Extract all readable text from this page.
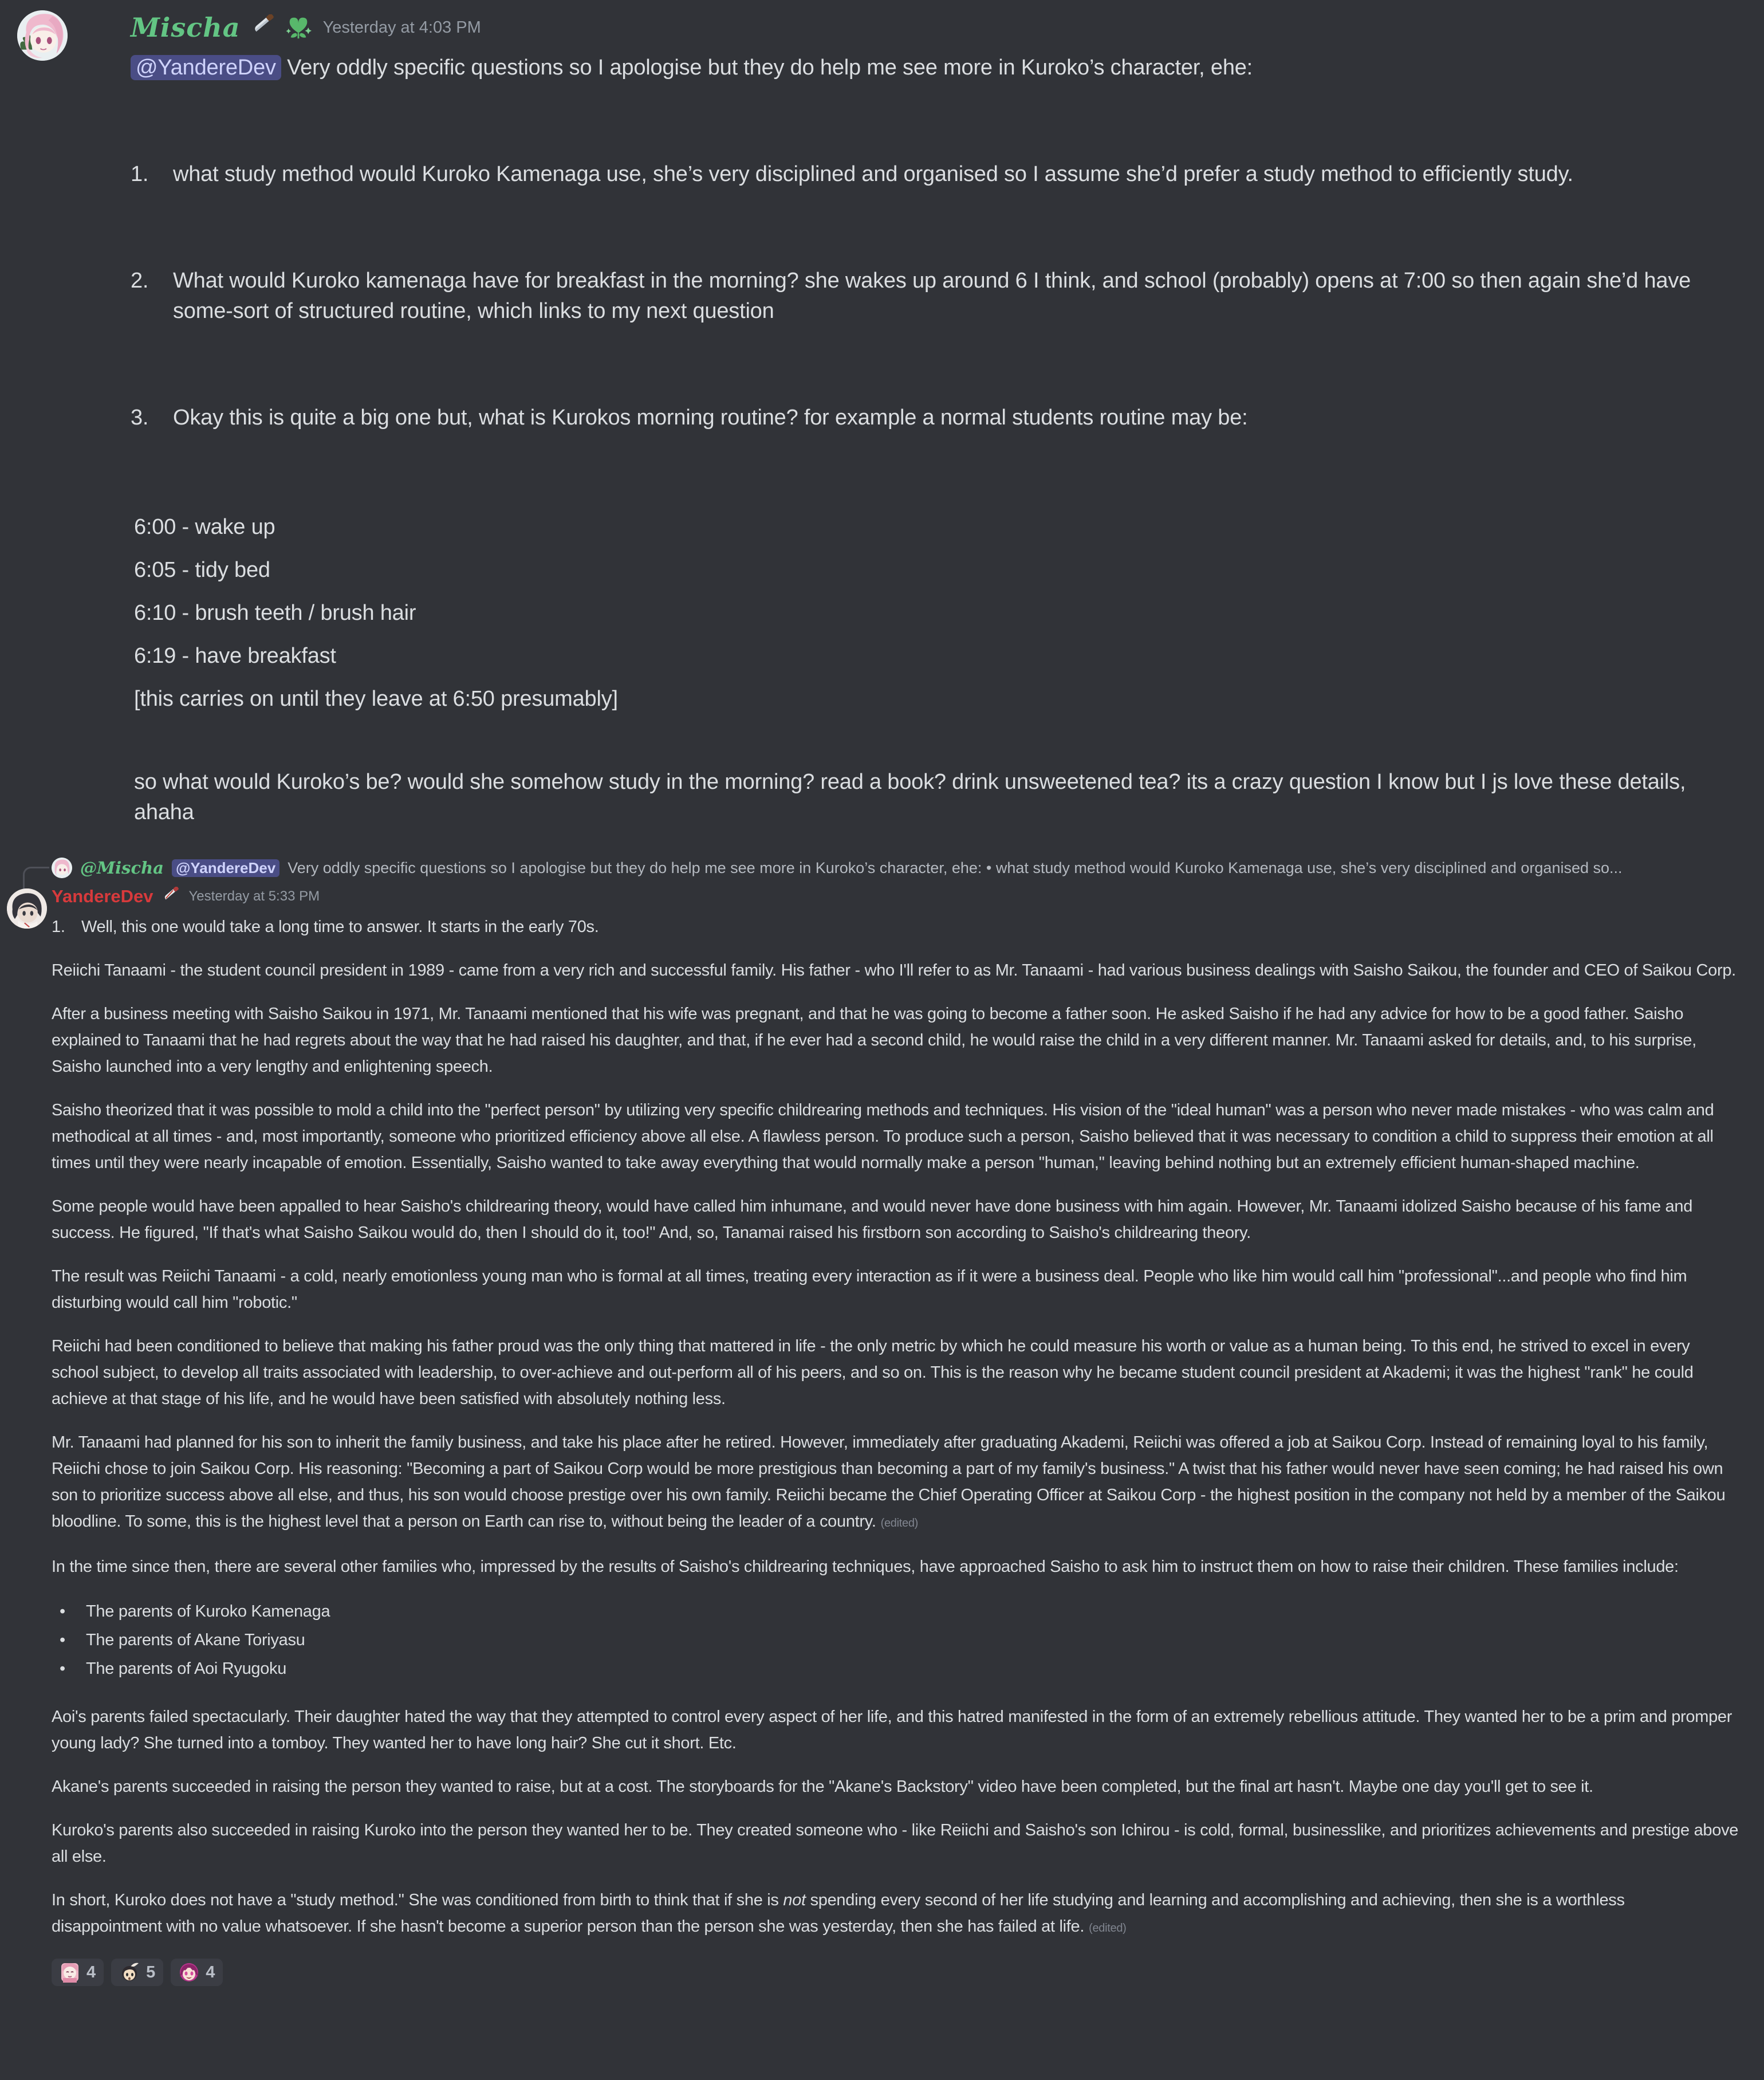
Mischa	Yesterday at 4:03 PM
@YandereDev Very oddly specific questions so I apologise but they do help me see more in Kuroko’s character, ehe:
1.	what study method would Kuroko Kamenaga use, she’s very disciplined and organised so I assume she’d prefer a study method to efficiently study.
2.	What would Kuroko kamenaga have for breakfast in the morning? she wakes up around 6 I think, and school (probably) opens at 7:00 so then again she’d have some-sort of structured routine, which links to my next question
3.	Okay this is quite a big one but, what is Kurokos morning routine? for example a normal students routine may be:
6:00 - wake up
6:05 - tidy bed
6:10 - brush teeth / brush hair
6:19 - have breakfast
[this carries on until they leave at 6:50 presumably]
so what would Kuroko’s be? would she somehow study in the morning? read a book? drink unsweetened tea? its a crazy question I know but I js love these details, ahaha
@Mischa @YandereDev Very oddly specific questions so I apologise but they do help me see more in Kuroko’s character, ehe: • what study method would Kuroko Kamenaga use, she’s very disciplined and organised so...
YandereDev	Yesterday at 5:33 PM
1. Well, this one would take a long time to answer. It starts in the early 70s.

Reiichi Tanaami - the student council president in 1989 - came from a very rich and successful family. His father - who I'll refer to as Mr. Tanaami - had various business dealings with Saisho Saikou, the founder and CEO of Saikou Corp.

After a business meeting with Saisho Saikou in 1971, Mr. Tanaami mentioned that his wife was pregnant, and that he was going to become a father soon. He asked Saisho if he had any advice for how to be a good father. Saisho explained to Tanaami that he had regrets about the way that he had raised his daughter, and that, if he ever had a second child, he would raise the child in a very different manner. Mr. Tanaami asked for details, and, to his surprise, Saisho launched into a very lengthy and enlightening speech.

Saisho theorized that it was possible to mold a child into the "perfect person" by utilizing very specific childrearing methods and techniques. His vision of the "ideal human" was a person who never made mistakes - who was calm and methodical at all times - and, most importantly, someone who prioritized efficiency above all else. A flawless person. To produce such a person, Saisho believed that it was necessary to condition a child to suppress their emotion at all times until they were nearly incapable of emotion. Essentially, Saisho wanted to take away everything that would normally make a person "human," leaving behind nothing but an extremely efficient human-shaped machine.

Some people would have been appalled to hear Saisho's childrearing theory, would have called him inhumane, and would never have done business with him again. However, Mr. Tanaami idolized Saisho because of his fame and success. He figured, "If that's what Saisho Saikou would do, then I should do it, too!" And, so, Tanamai raised his firstborn son according to Saisho's childrearing theory.

The result was Reiichi Tanaami - a cold, nearly emotionless young man who is formal at all times, treating every interaction as if it were a business deal. People who like him would call him "professional"...and people who find him disturbing would call him "robotic."

Reiichi had been conditioned to believe that making his father proud was the only thing that mattered in life - the only metric by which he could measure his worth or value as a human being. To this end, he strived to excel in every school subject, to develop all traits associated with leadership, to over-achieve and out-perform all of his peers, and so on. This is the reason why he became student council president at Akademi; it was the highest "rank" he could achieve at that stage of his life, and he would have been satisfied with absolutely nothing less.

Mr. Tanaami had planned for his son to inherit the family business, and take his place after he retired. However, immediately after graduating Akademi, Reiichi was offered a job at Saikou Corp. Instead of remaining loyal to his family, Reiichi chose to join Saikou Corp. His reasoning: "Becoming a part of Saikou Corp would be more prestigious than becoming a part of my family's business." A twist that his father would never have seen coming; he had raised his own son to prioritize success above all else, and thus, his son would choose prestige over his own family. Reiichi became the Chief Operating Officer at Saikou Corp - the highest position in the company not held by a member of the Saikou bloodline. To some, this is the highest level that a person on Earth can rise to, without being the leader of a country. (edited)

In the time since then, there are several other families who, impressed by the results of Saisho's childrearing techniques, have approached Saisho to ask him to instruct them on how to raise their children. These families include:

• The parents of Kuroko Kamenaga
• The parents of Akane Toriyasu
• The parents of Aoi Ryugoku

Aoi's parents failed spectacularly. Their daughter hated the way that they attempted to control every aspect of her life, and this hatred manifested in the form of an extremely rebellious attitude. They wanted her to be a prim and promper young lady? She turned into a tomboy. They wanted her to have long hair? She cut it short. Etc.

Akane's parents succeeded in raising the person they wanted to raise, but at a cost. The storyboards for the "Akane's Backstory" video have been completed, but the final art hasn't. Maybe one day you'll get to see it.

Kuroko's parents also succeeded in raising Kuroko into the person they wanted her to be. They created someone who - like Reiichi and Saisho's son Ichirou - is cold, formal, businesslike, and prioritizes achievements and prestige above all else.

In short, Kuroko does not have a "study method." She was conditioned from birth to think that if she is not spending every second of her life studying and learning and accomplishing and achieving, then she is a worthless disappointment with no value whatsoever. If she hasn't become a superior person than the person she was yesterday, then she has failed at life. (edited)

4	5	4
